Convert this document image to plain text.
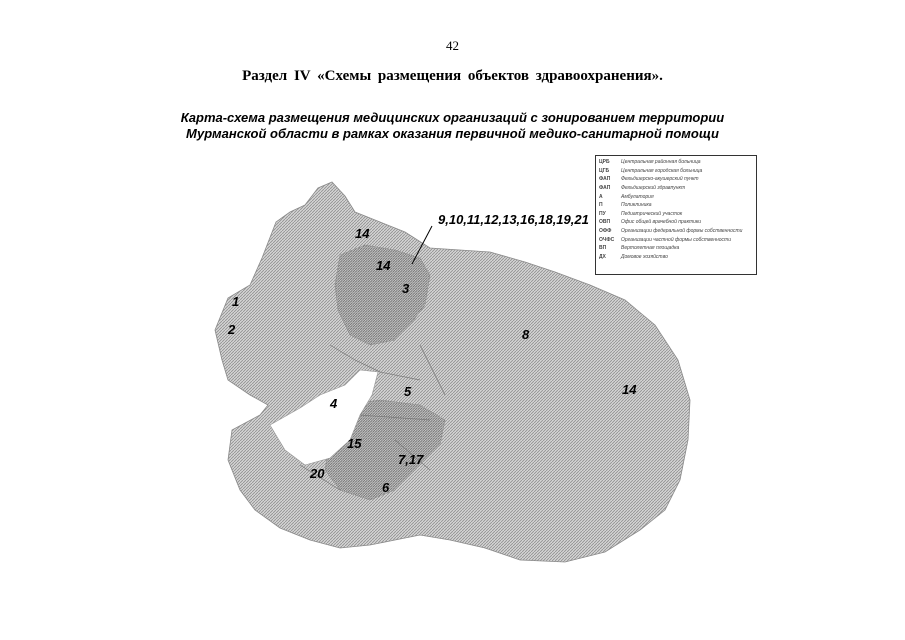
42
Раздел IV «Схемы размещения объектов здравоохранения».
Карта-схема размещения медицинских организаций с зонированием территории
Мурманской области в рамках оказания первичной медико-санитарной помощи
9,10,11,12,13,16,18,19,21
14
14
3
1
2	8
14
5
4
15
7,17
20
6
ЦРБ	Центральная районная больница
ЦГБ	Центральная городская больница
ФАП	Фельдшерско-акушерский пункт
ФАП	Фельдшерский здравпункт
А	Амбулатория
П	Поликлиника
ПУ	Педиатрический участок
ОВП	Офис общей врачебной практики
ОФФ	Организации федеральной формы собственности
ОЧФС	Организации частной формы собственности
ВП	Вертолетная площадка
ДХ	Домовое хозяйство
